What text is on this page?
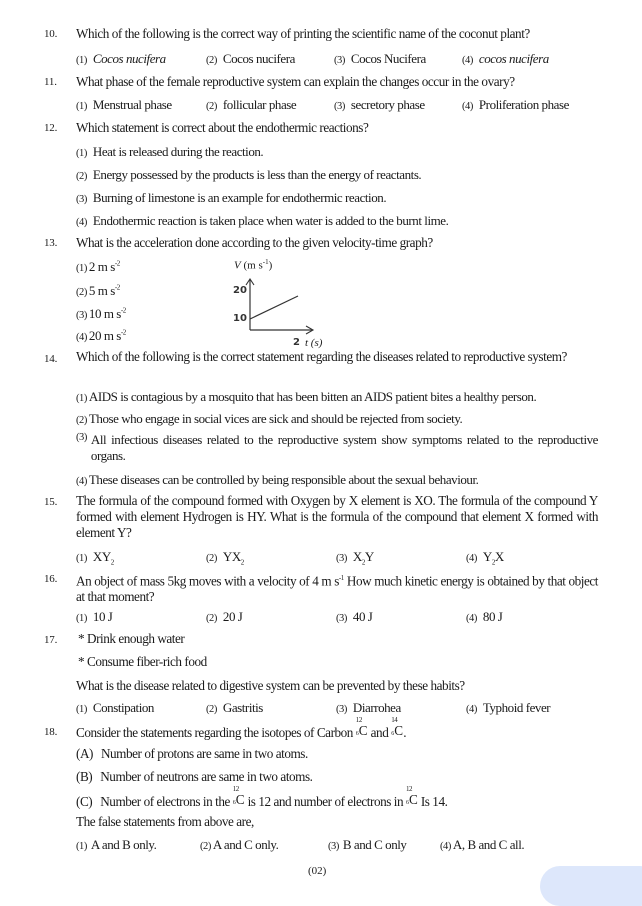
10. Which of the following is the correct way of printing the scientific name of the coconut plant?
(1) Cocos nucifera	(2) Cocos nucifera	(3) Cocos Nucifera	(4) cocos nucifera
11. What phase of the female reproductive system can explain the changes occur in the ovary?
(1) Menstrual phase	(2) follicular phase	(3) secretory phase	(4) Proliferation phase
12. Which statement is correct about the endothermic reactions?
(1) Heat is released during the reaction.
(2) Energy possessed by the products is less than the energy of reactants.
(3) Burning of limestone is an example for endothermic reaction.
(4) Endothermic reaction is taken place when water is added to the burnt lime.
13. What is the acceleration done according to the given velocity-time graph?
(1) 2 m $s^{-2}$
(2) 5 m $s^{-2}$
(3) 10 m $s^{-2}$
(4) 20 m $s^{-2}$
V (m $s^{-1}$)
20
10
2 t (s)
14. Which of the following is the correct statement regarding the diseases related to reproductive system?
(1) AIDS is contagious by a mosquito that has been bitten an AIDS patient bites a healthy person.
(2) Those who engage in social vices are sick and should be rejected from society.
(3) All infectious diseases related to the reproductive system show symptoms related to the reproductive organs.
(4) These diseases can be controlled by being responsible about the sexual behaviour.
15. The formula of the compound formed with Oxygen by X element is XO. The formula of the compound Y formed with element Hydrogen is HY. What is the formula of the compound that element X formed with element Y?
(1) $XY_2$	(2) $YX_2$	(3) $X_2Y$	(4) $Y_2X$
16. An object of mass 5kg moves with a velocity of 4 m $s^{-1}$ How much kinetic energy is obtained by that object at that moment?
(1) 10 J	(2) 20 J	(3) 40 J	(4) 80 J
17. * Drink enough water
* Consume fiber-rich food
What is the disease related to digestive system can be prevented by these habits?
(1) Constipation	(2) Gastritis	(3) Diarrohea	(4) Typhoid fever
18. Consider the statements regarding the isotopes of Carbon
12
6 C and
14
6 C .
(A) Number of protons are same in two atoms.
(B) Number of neutrons are same in two atoms.
(C) Number of electrons in the
12
6 C is 12 and number of electrons in
12
6 C Is 14.
The false statements from above are,
(1) A and B only.	(2) A and C only.	(3) B and C only	(4) A, B and C all.
(02)
